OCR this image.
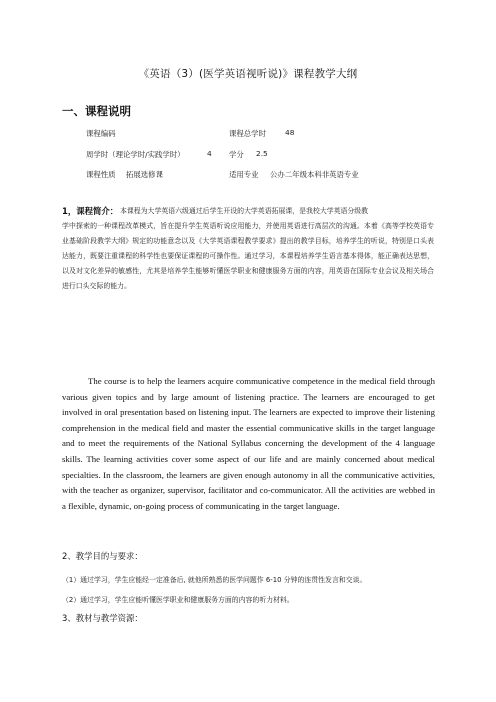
《英语（3）(医学英语视听说)》课程教学大纲
一、课程说明
课程编码	课程总学时	48
周学时（理论学时/实践学时）	4 学分 2.5
课程性质 拓展选修课	适用专业 公办二年级本科非英语专业
1，课程简介： 本课程为大学英语六级通过后学生开设的大学英语拓展课，是我校大学英语分级教
学中探索的一种课程改革模式，旨在提升学生英语听说应用能力，并使用英语进行高层次的沟通。本着《高等学校英语专业基础阶段教学大纲》规定的功能意念以及《大学英语课程教学要求》提出的教学目标，培养学生的听说，特别是口头表达能力，既要注重课程的科学性也要保证课程的可操作性。通过学习，本课程培养学生语言基本得体，能正确表达思想，以及对文化差异的敏感性，尤其是培养学生能够听懂医学职业和健康服务方面的内容，用英语在国际专业会议及相关场合进行口头交际的能力。
The course is to help the learners acquire communicative competence in the medical field through various given topics and by large amount of listening practice. The learners are encouraged to get involved in oral presentation based on listening input. The learners are expected to improve their listening comprehension in the medical field and master the essential communicative skills in the target language and to meet the requirements of the National Syllabus concerning the development of the 4 language skills. The learning activities cover some aspect of our life and are mainly concerned about medical specialties. In the classroom, the learners are given enough autonomy in all the communicative activities, with the teacher as organizer, supervisor, facilitator and co-communicator. All the activities are webbed in a flexible, dynamic, on-going process of communicating in the target language.
2、教学目的与要求：
（1）通过学习，学生应能经一定准备后, 就他所熟悉的医学问题作 6-10 分钟的连贯性发言和交谈。
（2）通过学习，学生应能听懂医学职业和健康服务方面的内容的听力材料。
3、教材与教学资源：
